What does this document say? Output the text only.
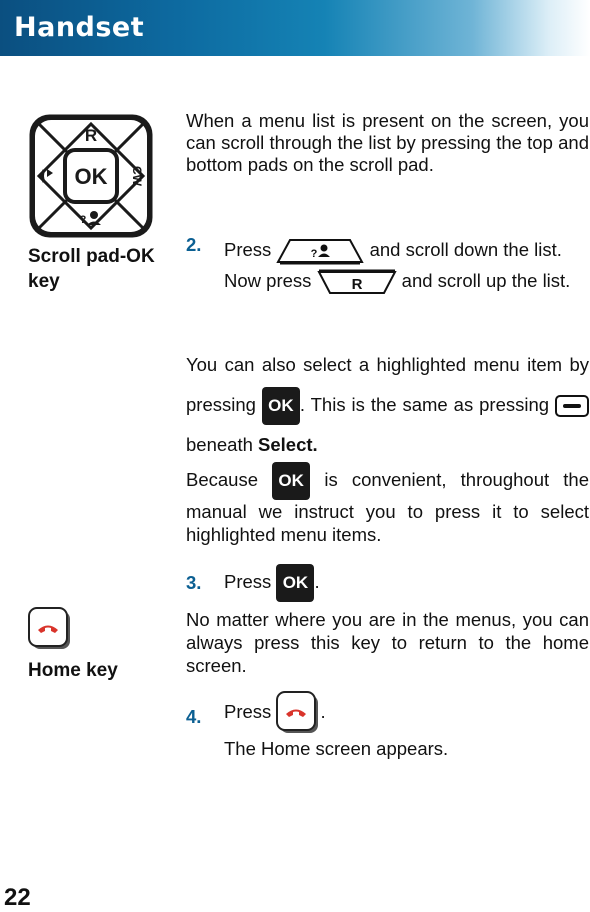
Handset
OK
R
CW
?
Scroll pad-OK key
When a menu list is present on the screen, you can scroll through the list by pressing the top and bottom pads on the scroll pad.
2.	Press	?	and scroll down the list. Now press	R and scroll up the list.
You can also select a highlighted menu item by pressing OK . This is the same as pressing  beneath Select.
Because OK is convenient, throughout the manual we instruct you to press it to select highlighted menu items.
3.	Press OK .
Home key
No matter where you are in the menus, you can always press this key to return to the home screen.
4.	Press	.
The Home screen appears.
22
